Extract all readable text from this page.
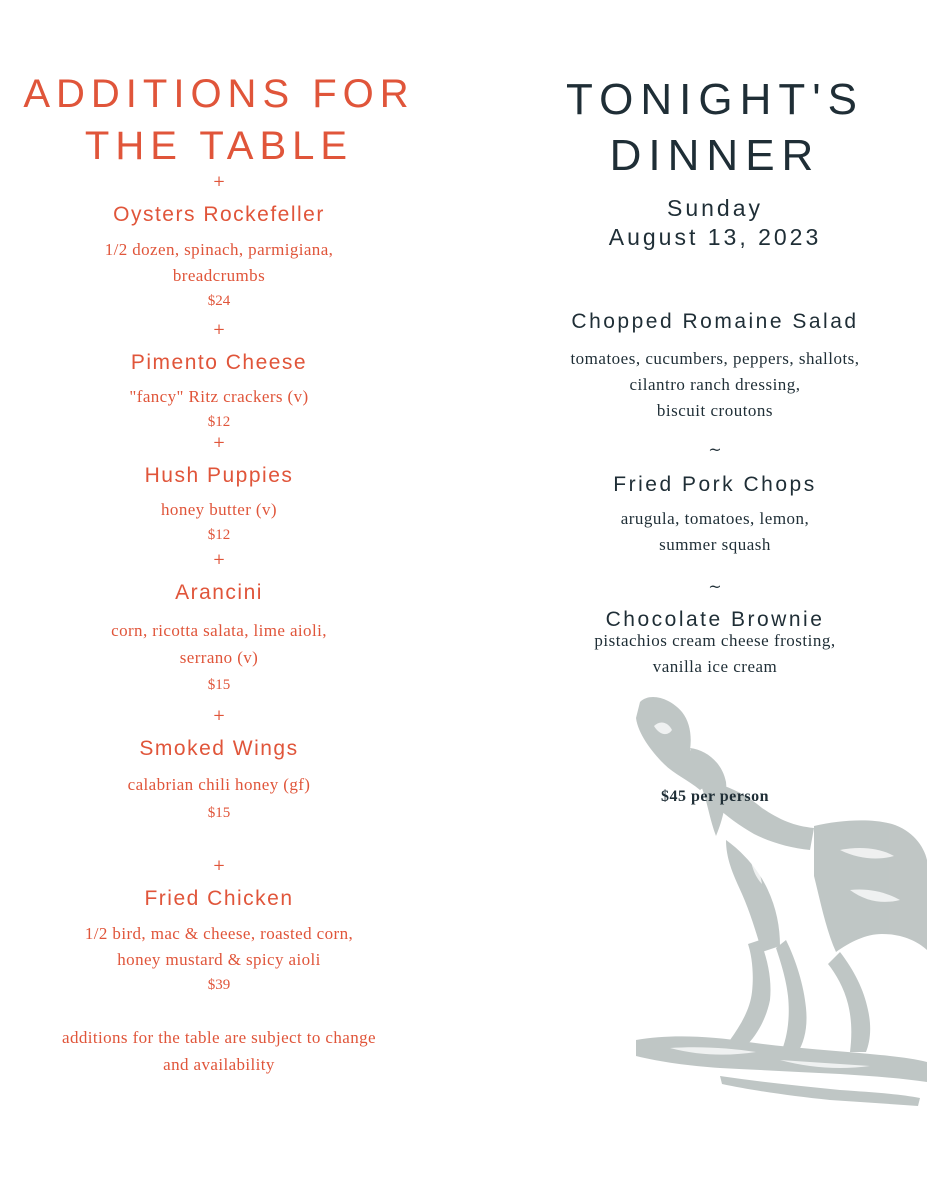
ADDITIONS FOR
THE TABLE
+
Oysters Rockefeller
1/2 dozen, spinach, parmigiana,
breadcrumbs
$24
+
Pimento Cheese
"fancy" Ritz crackers (v)
$12
+
Hush Puppies
honey butter (v)
$12
+
Arancini
corn, ricotta salata, lime aioli,
serrano (v)
$15
+
Smoked Wings
calabrian chili honey (gf)
$15
+
Fried Chicken
1/2 bird, mac & cheese, roasted corn,
honey mustard & spicy aioli
$39
additions for the table are subject to change
and availability
TONIGHT'S
DINNER
Sunday
August 13, 2023
Chopped Romaine Salad
tomatoes, cucumbers, peppers, shallots,
cilantro ranch dressing,
biscuit croutons
~
Fried Pork Chops
arugula, tomatoes, lemon,
summer squash
~
Chocolate Brownie
pistachios cream cheese frosting,
vanilla ice cream
$45 per person
